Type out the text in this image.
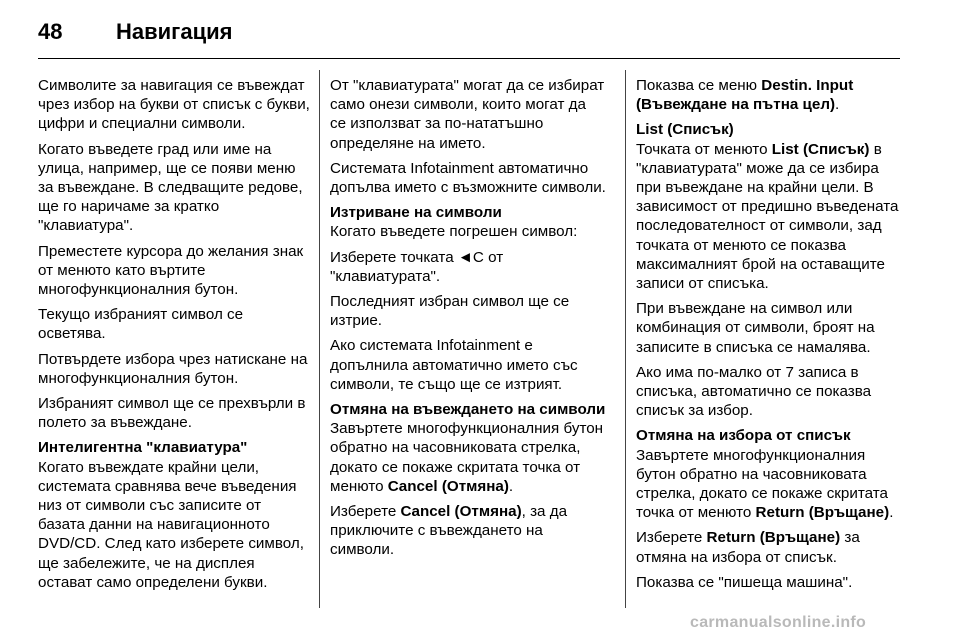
48	Навигация

Символите за навигация се въвеждат чрез избор на букви от списък с букви, цифри и специални символи.

Когато въведете град или име на улица, например, ще се появи меню за въвеждане. В следващите редове, ще го наричаме за кратко "клавиатура".

Преместете курсора до желания знак от менюто като въртите многофункционалния бутон.

Текущо избраният символ се осветява.

Потвърдете избора чрез натискане на многофункционалния бутон.

Избраният символ ще се прехвърли в полето за въвеждане.

Интелигентна "клавиатура"

Когато въвеждате крайни цели, системата сравнява вече въведения низ от символи със записите от базата данни на навигационното DVD/CD. След като изберете символ, ще забележите, че на дисплея остават само определени букви.

От "клавиатурата" могат да се избират само онези символи, които могат да се използват за по-нататъшно определяне на името.

Системата Infotainment автоматично допълва името с възможните символи.

Изтриване на символи

Когато въведете погрешен символ:

Изберете точката ◄C от "клавиатурата".

Последният избран символ ще се изтрие.

Ако системата Infotainment е допълнила автоматично името със символи, те също ще се изтрият.

Отмяна на въвеждането на символи

Завъртете многофункционалния бутон обратно на часовниковата стрелка, докато се покаже скритата точка от менюто Cancel (Отмяна).

Изберете Cancel (Отмяна), за да приключите с въвеждането на символи.

Показва се меню Destin. Input (Въвеждане на пътна цел).

List (Списък)

Точката от менюто List (Списък) в "клавиатурата" може да се избира при въвеждане на крайни цели. В зависимост от предишно въведената последователност от символи, зад точката от менюто се показва максималният брой на оставащите записи от списъка.

При въвеждане на символ или комбинация от символи, броят на записите в списъка се намалява.

Ако има по-малко от 7 записа в списъка, автоматично се показва списък за избор.

Отмяна на избора от списък

Завъртете многофункционалния бутон обратно на часовниковата стрелка, докато се покаже скритата точка от менюто Return (Връщане).

Изберете Return (Връщане) за отмяна на избора от списък.

Показва се "пишеща машина".

carmanualsonline.info
